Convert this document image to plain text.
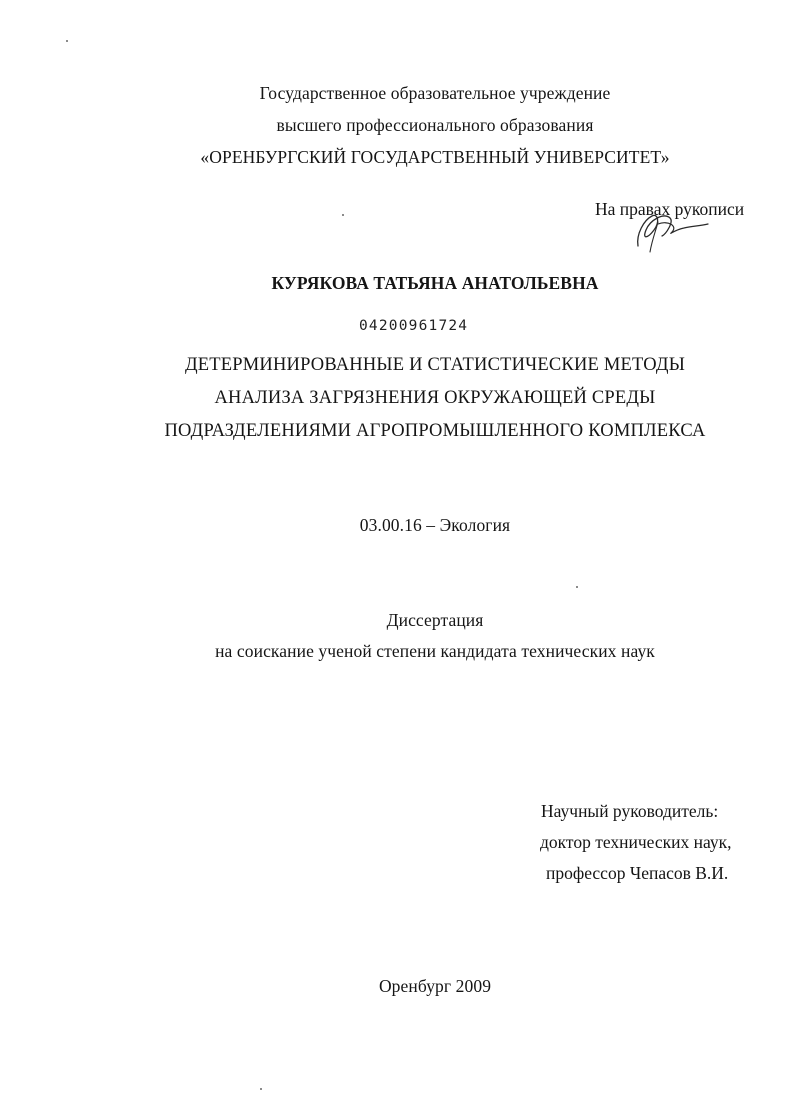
Государственное образовательное учреждение
высшего профессионального образования
«ОРЕНБУРГСКИЙ ГОСУДАРСТВЕННЫЙ УНИВЕРСИТЕТ»
На правах рукописи
КУРЯКОВА ТАТЬЯНА АНАТОЛЬЕВНА
04200961724
ДЕТЕРМИНИРОВАННЫЕ И СТАТИСТИЧЕСКИЕ МЕТОДЫ
АНАЛИЗА ЗАГРЯЗНЕНИЯ ОКРУЖАЮЩЕЙ СРЕДЫ
ПОДРАЗДЕЛЕНИЯМИ АГРОПРОМЫШЛЕННОГО КОМПЛЕКСА
03.00.16 – Экология
Диссертация
на соискание ученой степени кандидата технических наук
Научный руководитель:
доктор технических наук,
профессор Чепасов В.И.
Оренбург 2009
